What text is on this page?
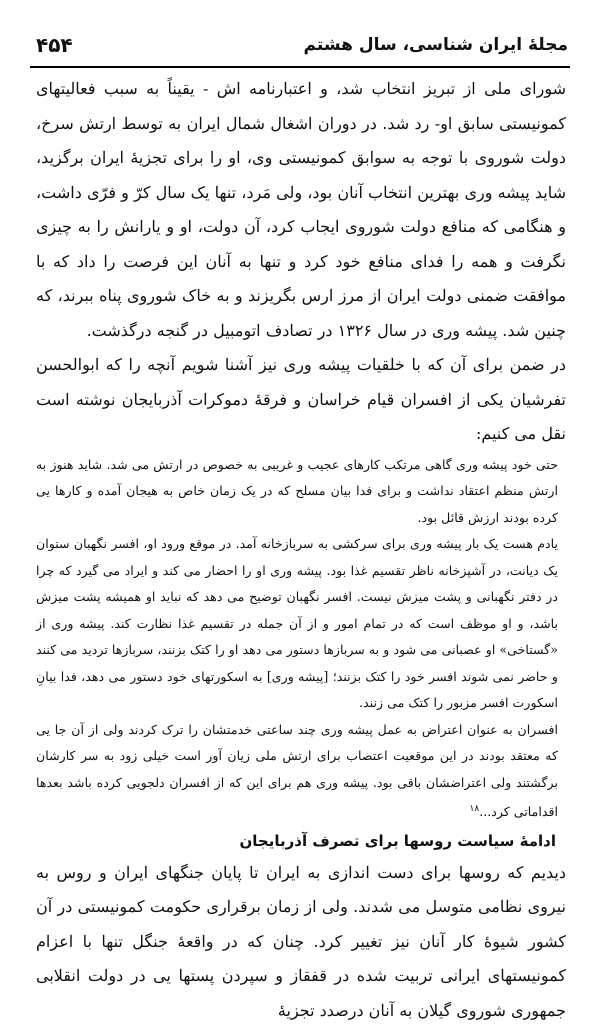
مجلهٔ ایران شناسی، سال هشتم
۴۵۴

شورای ملی از تبریز انتخاب شد، و اعتبارنامه اش - یقیناً به سبب فعالیتهای کمونیستی سابق او- رد شد. در دوران اشغال شمال ایران به توسط ارتش سرخ، دولت شوروی با توجه به سوابق کمونیستی وی، او را برای تجزیهٔ ایران برگزید، شاید پیشه وری بهترین انتخاب آنان بود، ولی مَرد، تنها یک سال کرّ و فرّی داشت، و هنگامی که منافع دولت شوروی ایجاب کرد، آن دولت، او و یارانش را به چیزی نگرفت و همه را فدای منافع خود کرد و تنها به آنان این فرصت را داد که با موافقت ضمنی دولت ایران از مرز ارس بگریزند و به خاک شوروی پناه ببرند، که چنین شد. پیشه وری در سال ۱۳۲۶ در تصادف اتومبیل در گنجه درگذشت.

در ضمن برای آن که با خلقیات پیشه وری نیز آشنا شویم آنچه را که ابوالحسن تفرشیان یکی از افسران قیام خراسان و فرقهٔ دموکرات آذربایجان نوشته است نقل می کنیم:

حتی خود پیشه وری گاهی مرتکب کارهای عجیب و غریبی به خصوص در ارتش می شد. شاید هنوز به ارتش منظم اعتقاد نداشت و برای فدا بیان مسلح که در یک زمان خاص به هیجان آمده و کارها یی کرده بودند ارزش قائل بود.

یادم هست یک بار پیشه وری برای سرکشی به سربازخانه آمد. در موقع ورود او، افسر نگهبان ستوان یک دیانت، در آشپزخانه ناظر تقسیم غذا بود. پیشه وری او را احضار می کند و ایراد می گیرد که چرا در دفتر نگهبانی و پشت میزش نیست. افسر نگهبان توضیح می دهد که نباید او همیشه پشت میزش باشد، و او موظف است که در تمام امور و از آن جمله در تقسیم غذا نظارت کند. پیشه وری از «گستاخی» او عصبانی می شود و به سربازها دستور می دهد او را کتک بزنند، سربازها تردید می کنند و حاضر نمی شوند افسر خود را کتک بزنند؛ [پیشه وری] به اسکورتهای خود دستور می دهد، فدا بیانِ اسکورت افسر مزبور را کتک می زنند.

افسران به عنوان اعتراض به عمل پیشه وری چند ساعتی خدمتشان را ترک کردند ولی از آن جا یی که معتقد بودند در این موقعیت اعتصاب برای ارتش ملی زیان آور است خیلی زود به سر کارشان برگشتند ولی اعتراضشان باقی بود. پیشه وری هم برای این که از افسران دلجویی کرده باشد بعدها اقداماتی کرد...$^{۱۸}$

ادامهٔ سیاست روسها برای تصرف آذربایجان

دیدیم که روسها برای دست اندازی به ایران تا پایان جنگهای ایران و روس به نیروی نظامی متوسل می شدند. ولی از زمان برقراری حکومت کمونیستی در آن کشور شیوهٔ کار آنان نیز تغییر کرد. چنان که در واقعهٔ جنگل تنها با اعزام کمونیستهای ایرانی تربیت شده در قفقاز و سپردن پستها یی در دولت انقلابی جمهوری شوروی گیلان به آنان درصدد تجزیهٔ
